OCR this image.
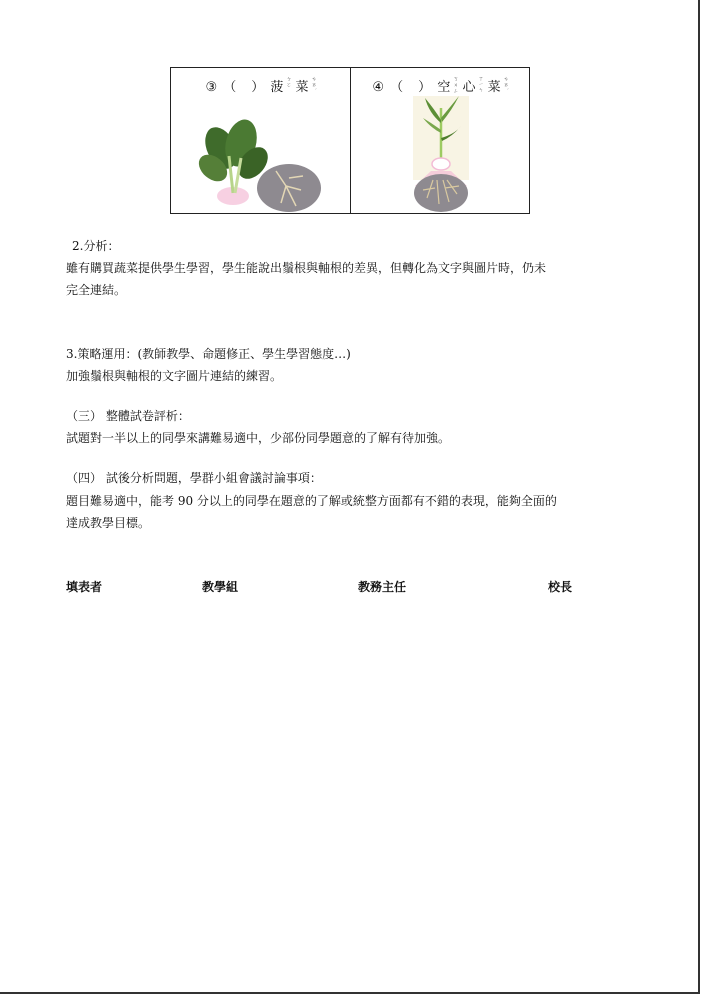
③ （　） 菠ㄅㄛ 菜ㄘㄞˋ	④ （　） 空ㄎㄨㄥ 心ㄒㄧㄣ 菜ㄘㄞˋ
2.分析：
雖有購買蔬菜提供學生學習，學生能說出鬚根與軸根的差異，但轉化為文字與圖片時，仍未
完全連結。
3.策略運用：(教師教學、命題修正、學生學習態度…)
加強鬚根與軸根的文字圖片連結的練習。
（三） 整體試卷評析：
試題對一半以上的同學來講難易適中，少部份同學題意的了解有待加強。
（四） 試後分析問題，學群小組會議討論事項：
題目難易適中，能考 90 分以上的同學在題意的了解或統整方面都有不錯的表現，能夠全面的
達成教學目標。
填表者	教學組	教務主任	校長
